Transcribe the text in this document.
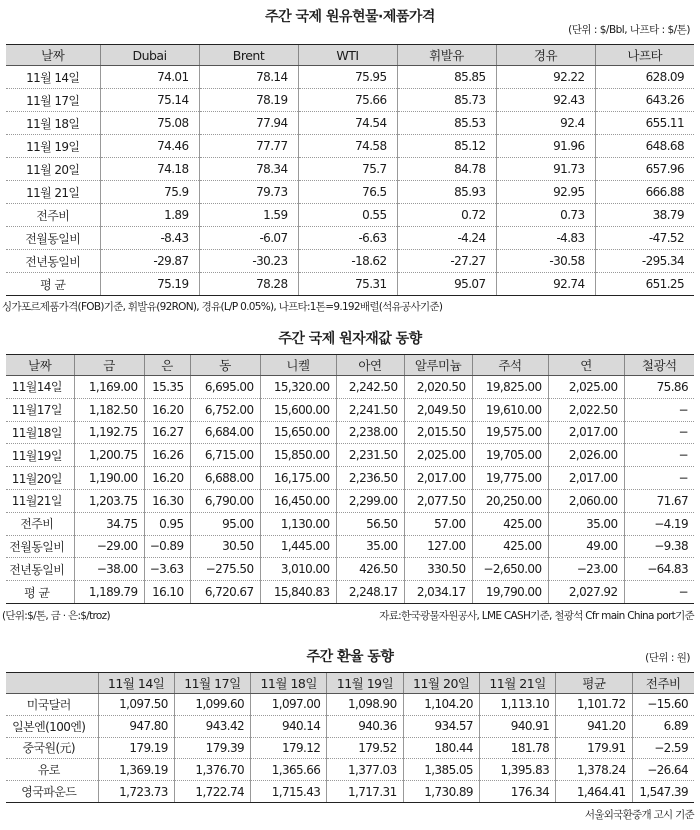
주간 국제 원유현물·제품가격
(단위 : $/Bbl, 나프타 : $/톤)
날짜	Dubai	Brent	WTI	휘발유	경유	나프타
11월 14일	74.01	78.14	75.95	85.85	92.22	628.09
11월 17일	75.14	78.19	75.66	85.73	92.43	643.26
11월 18일	75.08	77.94	74.54	85.53	92.4	655.11
11월 19일	74.46	77.77	74.58	85.12	91.96	648.68
11월 20일	74.18	78.34	75.7	84.78	91.73	657.96
11월 21일	75.9	79.73	76.5	85.93	92.95	666.88
전주비	1.89	1.59	0.55	0.72	0.73	38.79
전월동일비	-8.43	-6.07	-6.63	-4.24	-4.83	-47.52
전년동일비	-29.87	-30.23	-18.62	-27.27	-30.58	-295.34
평 균	75.19	78.28	75.31	95.07	92.74	651.25
싱가포르제품가격(FOB)기준, 휘발유(92RON), 경유(L/P 0.05%), 나프타:1톤=9.192배럴(석유공사기준)
주간 국제 원자재값 동향
날짜	금	은	동	니켈	아연	알루미늄	주석	연	철광석
11월14일	1,169.00	15.35	6,695.00	15,320.00	2,242.50	2,020.50	19,825.00	2,025.00	75.86
11월17일	1,182.50	16.20	6,752.00	15,600.00	2,241.50	2,049.50	19,610.00	2,022.50	−
11월18일	1,192.75	16.27	6,684.00	15,650.00	2,238.00	2,015.50	19,575.00	2,017.00	−
11월19일	1,200.75	16.26	6,715.00	15,850.00	2,231.50	2,025.00	19,705.00	2,026.00	−
11월20일	1,190.00	16.20	6,688.00	16,175.00	2,236.50	2,017.00	19,775.00	2,017.00	−
11월21일	1,203.75	16.30	6,790.00	16,450.00	2,299.00	2,077.50	20,250.00	2,060.00	71.67
전주비	34.75	0.95	95.00	1,130.00	56.50	57.00	425.00	35.00	−4.19
전월동일비	−29.00	−0.89	30.50	1,445.00	35.00	127.00	425.00	49.00	−9.38
전년동일비	−38.00	−3.63	−275.50	3,010.00	426.50	330.50	−2,650.00	−23.00	−64.83
평 균	1,189.79	16.10	6,720.67	15,840.83	2,248.17	2,034.17	19,790.00	2,027.92	−
(단위:$/톤, 금 · 은:$/troz)	자료:한국광물자원공사, LME CASH기준, 철광석 Cfr main China port기준
주간 환율 동향	(단위 : 원)
	11월 14일	11월 17일	11월 18일	11월 19일	11월 20일	11월 21일	평균	전주비
미국달러	1,097.50	1,099.60	1,097.00	1,098.90	1,104.20	1,113.10	1,101.72	−15.60
일본엔(100엔)	947.80	943.42	940.14	940.36	934.57	940.91	941.20	6.89
중국원(元)	179.19	179.39	179.12	179.52	180.44	181.78	179.91	−2.59
유로	1,369.19	1,376.70	1,365.66	1,377.03	1,385.05	1,395.83	1,378.24	−26.64
영국파운드	1,723.73	1,722.74	1,715.43	1,717.31	1,730.89	176.34	1,464.41	1,547.39
서울외국환중개 고시 기준
